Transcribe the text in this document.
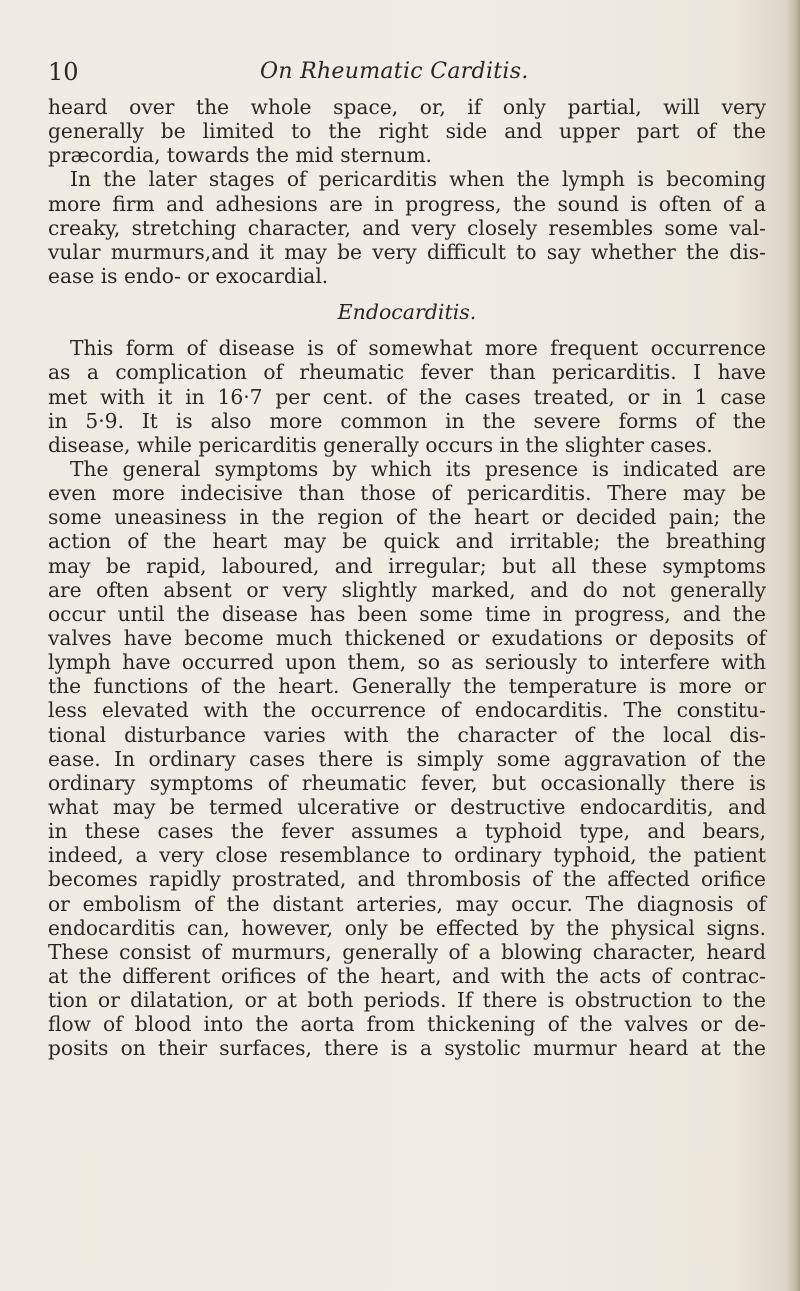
10	On Rheumatic Carditis.
heard over the whole space, or, if only partial, will very
generally be limited to the right side and upper part of the
præcordia, towards the mid sternum.
In the later stages of pericarditis when the lymph is becoming
more firm and adhesions are in progress, the sound is often of a
creaky, stretching character, and very closely resembles some val-
vular murmurs,and it may be very difficult to say whether the dis-
ease is endo- or exocardial.
Endocarditis.
This form of disease is of somewhat more frequent occurrence
as a complication of rheumatic fever than pericarditis. I have
met with it in 16·7 per cent. of the cases treated, or in 1 case
in 5·9. It is also more common in the severe forms of the
disease, while pericarditis generally occurs in the slighter cases.
The general symptoms by which its presence is indicated are
even more indecisive than those of pericarditis. There may be
some uneasiness in the region of the heart or decided pain; the
action of the heart may be quick and irritable; the breathing
may be rapid, laboured, and irregular; but all these symptoms
are often absent or very slightly marked, and do not generally
occur until the disease has been some time in progress, and the
valves have become much thickened or exudations or deposits of
lymph have occurred upon them, so as seriously to interfere with
the functions of the heart. Generally the temperature is more or
less elevated with the occurrence of endocarditis. The constitu-
tional disturbance varies with the character of the local dis-
ease. In ordinary cases there is simply some aggravation of the
ordinary symptoms of rheumatic fever, but occasionally there is
what may be termed ulcerative or destructive endocarditis, and
in these cases the fever assumes a typhoid type, and bears,
indeed, a very close resemblance to ordinary typhoid, the patient
becomes rapidly prostrated, and thrombosis of the affected orifice
or embolism of the distant arteries, may occur. The diagnosis of
endocarditis can, however, only be effected by the physical signs.
These consist of murmurs, generally of a blowing character, heard
at the different orifices of the heart, and with the acts of contrac-
tion or dilatation, or at both periods. If there is obstruction to the
flow of blood into the aorta from thickening of the valves or de-
posits on their surfaces, there is a systolic murmur heard at the
